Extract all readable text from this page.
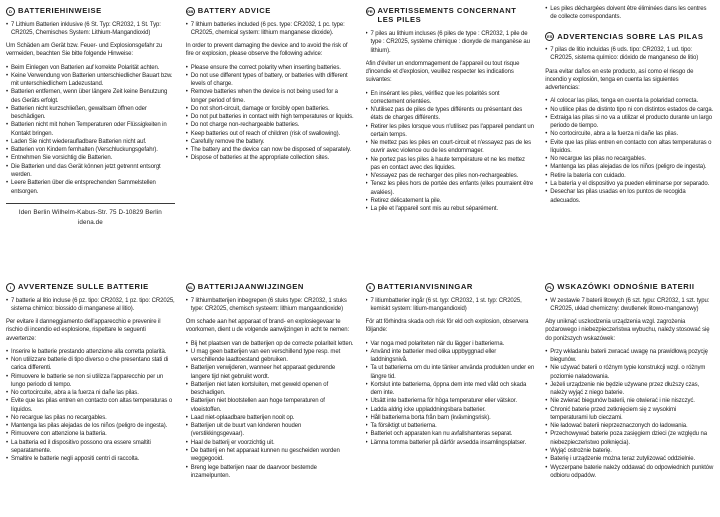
D BATTERIEHINWEISE
• 7 Lithium Batterien inklusive (6 St. Typ: CR2032, 1 St. Typ: CR2025, Chemisches System: Lithium-Mangandioxid)

Um Schäden am Gerät bzw. Feuer- und Explosionsgefahr zu vermeiden, beachten Sie bitte folgende Hinweise:

• Beim Einlegen von Batterien auf korrekte Polarität achten.
• Keine Verwendung von Batterien unterschiedlicher Bauart bzw. mit unterschiedlichem Ladezustand.
• Batterien entfernen, wenn über längere Zeit keine Benutzung des Geräts erfolgt.
• Batterien nicht kurzschließen, gewaltsam öffnen oder beschädigen.
• Batterien nicht mit hohen Temperaturen oder Flüssigkeiten in Kontakt bringen.
• Laden Sie nicht wiederaufladbare Batterien nicht auf.
• Batterien von Kindern fernhalten (Verschluckungsgefahr).
• Entnehmen Sie vorsichtig die Batterien.
• Die Batterien und das Gerät können jetzt getrennt entsorgt werden.
• Leere Batterien über die entsprechenden Sammelstellen entsorgen.
Iden Berlin Wilhelm-Kabus-Str. 75 D-10829 Berlin
idena.de
GB BATTERY ADVICE
• 7 lithium batteries included (6 pcs. type: CR2032, 1 pc. type: CR2025, chemical system: lithium manganese dioxide).

In order to prevent damaging the device and to avoid the risk of fire or explosion, please observe the following advice:

• Please ensure the correct polarity when inserting batteries.
• Do not use different types of battery, or batteries with different levels of charge.
• Remove batteries when the device is not being used for a longer period of time.
• Do not short-circuit, damage or forcibly open batteries.
• Do not put batteries in contact with high temperatures or liquids.
• Do not charge non-rechargeable batteries.
• Keep batteries out of reach of children (risk of swallowing).
• Carefully remove the battery.
• The battery and the device can now be disposed of separately.
• Dispose of batteries at the appropriate collection sites.
FR AVERTISSEMENTS CONCERNANT LES PILES
• 7 piles au lithium incluses (6 piles de type : CR2032, 1 pile de type : CR2025, système chimique : dioxyde de manganèse au lithium).

Afin d'éviter un endommagement de l'appareil ou tout risque d'incendie et d'explosion, veuillez respecter les indications suivantes:

• En insérant les piles, vérifiez que les polarités sont correctement orientées.
• N'utilisez pas de piles de types différents ou présentant des états de charges différents.
• Retirer les piles lorsque vous n'utilisez pas l'appareil pendant un certain temps.
• Ne mettez pas les piles en court-circuit et n'essayez pas de les ouvrir avec violence ou de les endommager.
• Ne portez pas les piles à haute température et ne les mettez pas en contact avec des liquides.
• N'essayez pas de recharger des piles non-rechargeables.
• Tenez les piles hors de portée des enfants (elles pourraient être avalées).
• Retirez délicatement la pile.
• La pile et l'appareil sont mis au rebut séparément.
• Les piles déchargées doivent être éliminées dans les centres de collecte correspondants.
ES ADVERTENCIAS SOBRE LAS PILAS
• 7 pilas de litio incluidas (6 uds. tipo: CR2032, 1 ud. tipo: CR2025, sistema químico: dióxido de manganeso de litio)

Para evitar daños en este producto, así como el riesgo de incendio y explosión, tenga en cuenta las siguientes advertencias:

• Al colocar las pilas, tenga en cuenta la polaridad correcta.
• No utilice pilas de distinto tipo ni con distintos estados de carga.
• Extraiga las pilas si no va a utilizar el producto durante un largo periodo de tiempo.
• No cortocircuite, abra a la fuerza ni dañe las pilas.
• Evite que las pilas entren en contacto con altas temperaturas o líquidos.
• No recargue las pilas no recargables.
• Mantenga las pilas alejadas de los niños (peligro de ingesta).
• Retire la batería con cuidado.
• La batería y el dispositivo ya pueden eliminarse por separado.
• Desechar las pilas usadas en los puntos de recogida adecuados.
I AVVERTENZE SULLE BATTERIE
• 7 batterie al litio incluse (6 pz. tipo: CR2032, 1 pz. tipo: CR2025, sistema chimico: biossido di manganese al litio).

Per evitare il danneggiamento dell'apparecchio e prevenire il rischio di incendio ed esplosione, rispettare le seguenti avvertenze:

• Inserire le batterie prestando attenzione alla corretta polarità.
• Non utilizzare batterie di tipo diverso o che presentano stati di carica differenti.
• Rimuovere le batterie se non si utilizza l'apparecchio per un lungo periodo di tempo.
• No cortocircuite, abra a la fuerza ni dañe las pilas.
• Evite que las pilas entren en contacto con altas temperaturas o líquidos.
• No recargue las pilas no recargables.
• Mantenga las pilas alejadas de los niños (peligro de ingesta).
• Rimuovere con attenzione la batteria.
• La batteria ed il dispositivo possono ora essere smaltiti separatamente.
• Smaltire le batterie negli appositi centri di raccolta.
NL BATTERIJAANWIJZINGEN
• 7 lithiumbatterijen inbegrepen (6 stuks type: CR2032, 1 stuks type: CR2025, chemisch systeem: lithium mangaandioxide)

Om schade aan het apparaat of brand- en explosiegevaar te voorkomen, dient u de volgende aanwijzingen in acht te nemen:

• Bij het plaatsen van de batterijen op de correcte polariteit letten.
• U mag geen batterijen van een verschillend type resp. met verschillende laadtoestand gebruiken.
• Batterijen verwijderen, wanneer het apparaat gedurende langere tijd niet gebruikt wordt.
• Batterijen niet laten kortsluiten, met geweld openen of beschadigen.
• Batterijen niet blootstellen aan hoge temperaturen of vloeistoffen.
• Laad niet-oplaadbare batterijen nooit op.
• Batterijen uit de buurt van kinderen houden (verstikkingsgevaar).
• Haal de batterij er voorzichtig uit.
• De batterij en het apparaat kunnen nu gescheiden worden weggegooid.
• Breng lege batterijen naar de daarvoor bestemde inzamelpunten.
S BATTERIANVISNINGAR
• 7 litiumbatterier ingår (6 st. typ: CR2032, 1 st. typ: CR2025, kemiskt system: litium-mangandioxid)

För att förhindra skada och risk för eld och explosion, observera följande:

• Var noga med polariteten när du lägger i batterierna.
• Använd inte batterier med olika uppbyggnad eller laddningsnivå.
• Ta ut batterierna om du inte tänker använda produkten under en längre tid.
• Kortslut inte batterierna, öppna dem inte med våld och skada dem inte.
• Utsätt inte batterierna för höga temperaturer eller vätskor.
• Ladda aldrig icke uppladdningsbara batterier.
• Håll batterierna borta från barn (kvävningsrisk).
• Ta försiktigt ut batterierna.
• Batteriet och apparaten kan nu avfallshanteras separat.
• Lämna tomma batterier på därför avsedda insamlingsplatser.
PL WSKAZÓWKI ODNOŚNIE BATERII
• W zestawie 7 baterii litowych (6 szt. typu: CR2032, 1 szt. typu: CR2025, układ chemiczny: dwutlenek litowo-manganowy)

Aby uniknąć uszkodzenia urządzenia wzgl. zagrożenia pożarowego i niebezpieczeństwa wybuchu, należy stosować się do poniższych wskazówek:

• Przy wkładaniu baterii zwracać uwagę na prawidłową pozycję biegunów.
• Nie używać baterii o różnym typie konstrukcji wzgl. o różnym poziomie naładowania.
• Jeżeli urządzenie nie będzie używane przez dłuższy czas, należy wyjąć z niego baterie.
• Nie zwierać biegunów baterii, nie otwierać i nie niszczyć.
• Chronić baterie przed zetknięciem się z wysokimi temperaturami lub cieczami.
• Nie ładować baterii nieprzeznaczonych do ładowania.
• Przechowywać baterie poza zasięgiem dzieci (ze względu na niebezpieczeństwo połknięcia).
• Wyjąć ostrożnie baterię.
• Baterię i urządzenie można teraz zutylizować oddzielnie.
• Wyczerpane baterie należy oddawać do odpowiednich punktów odbioru odpadów.
